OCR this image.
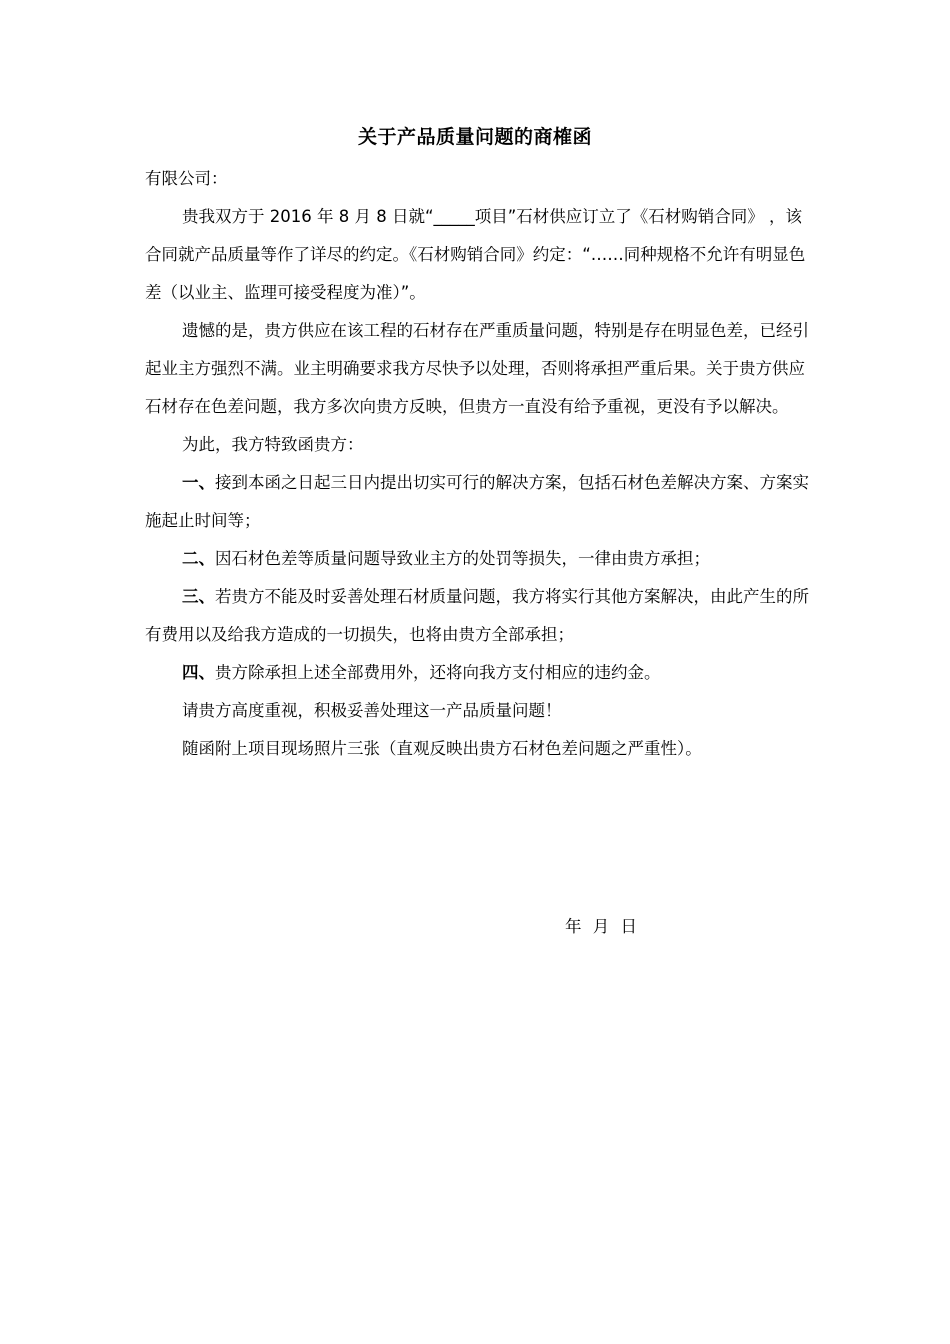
关于产品质量问题的商榷函

有限公司：

贵我双方于 2016 年 8 月 8 日就“_____项目”石材供应订立了《石材购销合同》 ，该合同就产品质量等作了详尽的约定。《石材购销合同》约定：“……同种规格不允许有明显色差（以业主、监理可接受程度为准）”。

遗憾的是，贵方供应在该工程的石材存在严重质量问题，特别是存在明显色差，已经引起业主方强烈不满。业主明确要求我方尽快予以处理，否则将承担严重后果。关于贵方供应石材存在色差问题，我方多次向贵方反映，但贵方一直没有给予重视，更没有予以解决。

为此，我方特致函贵方：

一、接到本函之日起三日内提出切实可行的解决方案，包括石材色差解决方案、方案实施起止时间等；

二、因石材色差等质量问题导致业主方的处罚等损失，一律由贵方承担；

三、若贵方不能及时妥善处理石材质量问题，我方将实行其他方案解决，由此产生的所有费用以及给我方造成的一切损失，也将由贵方全部承担；

四、贵方除承担上述全部费用外，还将向我方支付相应的违约金。

请贵方高度重视，积极妥善处理这一产品质量问题！

随函附上项目现场照片三张（直观反映出贵方石材色差问题之严重性）。

年 月 日
